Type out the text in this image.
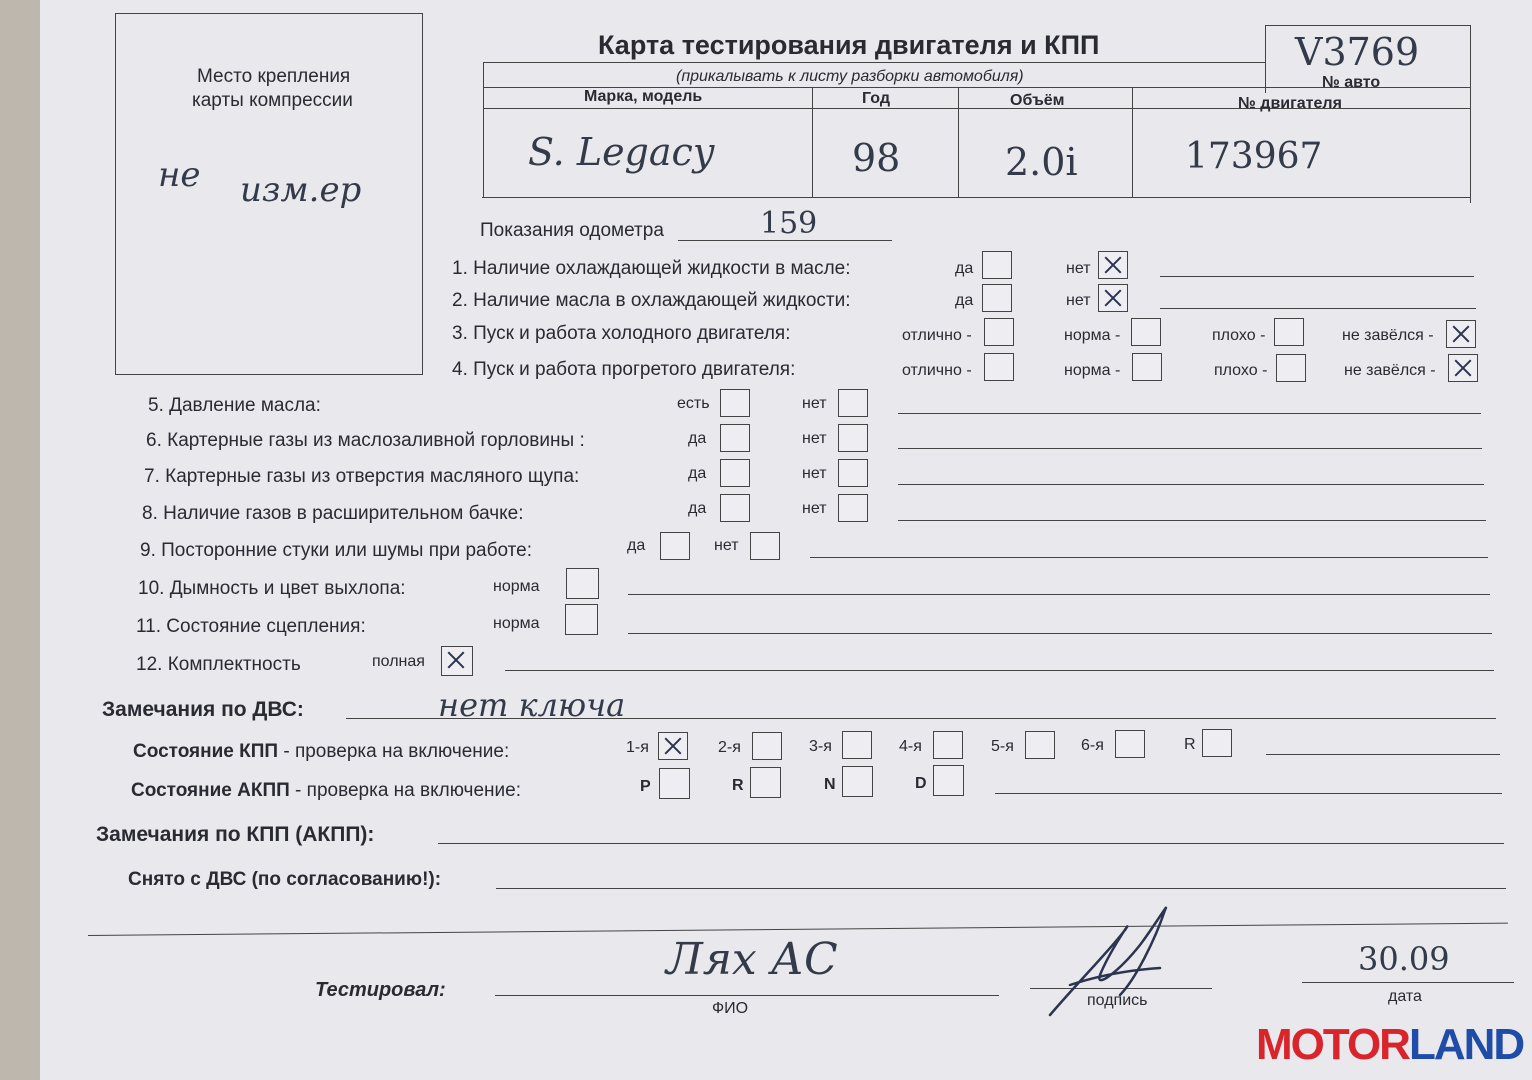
Место крепления
карты компрессии
не изм.ер
Карта тестирования двигателя и КПП
(прикалывать к листу разборки автомобиля)
V3769
№ авто
Марка, модель	Год	Объём	№ двигателя
S. Legacy	98	2.0i	173967
Показания одометра	159
1. Наличие охлаждающей жидкости в масле:	да	нет
2. Наличие масла в охлаждающей жидкости:	да	нет
3. Пуск и работа холодного двигателя:	отлично -	норма -	плохо -	не завёлся -
4. Пуск и работа прогретого двигателя:	отлично -	норма -	плохо -	не завёлся -
5. Давление масла:	есть	нет
6. Картерные газы из маслозаливной горловины :	да	нет
7. Картерные газы из отверстия масляного щупа:	да	нет
8. Наличие газов в расширительном бачке:	да	нет
9. Посторонние стуки или шумы при работе:	да	нет
10. Дымность и цвет выхлопа:	норма
11. Состояние сцепления:	норма
12. Комплектность	полная
Замечания по ДВС:	нет ключа
Состояние КПП - проверка на включение:	1-я	2-я	3-я	4-я	5-я	6-я	R
Состояние АКПП - проверка на включение:	P	R	N	D
Замечания по КПП (АКПП):
Снято с ДВС (по согласованию!):
Тестировал:
Лях АС
ФИО	подпись
30.09
дата
MOTORLAND
